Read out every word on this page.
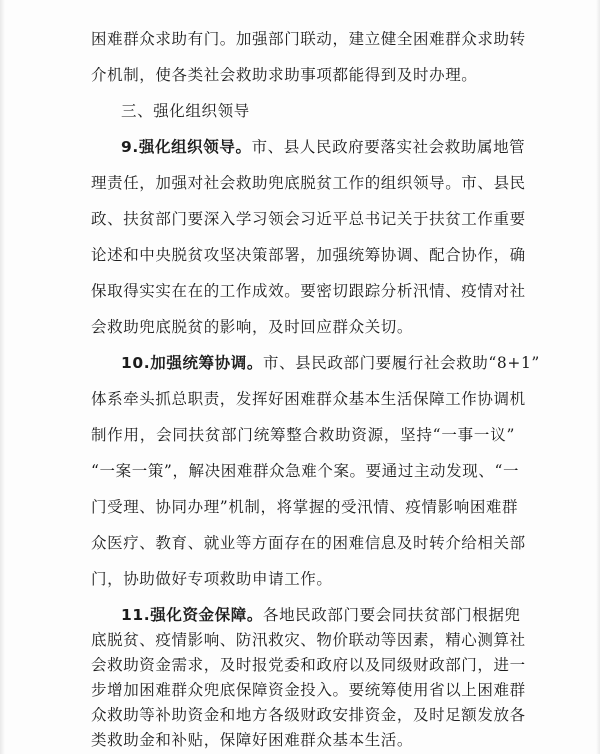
困难群众求助有门。加强部门联动，建立健全困难群众求助转

介机制，使各类社会救助求助事项都能得到及时办理。

三、强化组织领导

9.强化组织领导。市、县人民政府要落实社会救助属地管

理责任，加强对社会救助兜底脱贫工作的组织领导。市、县民

政、扶贫部门要深入学习领会习近平总书记关于扶贫工作重要

论述和中央脱贫攻坚决策部署，加强统筹协调、配合协作，确

保取得实实在在的工作成效。要密切跟踪分析汛情、疫情对社

会救助兜底脱贫的影响，及时回应群众关切。

10.加强统筹协调。市、县民政部门要履行社会救助“8+1”

体系牵头抓总职责，发挥好困难群众基本生活保障工作协调机

制作用，会同扶贫部门统筹整合救助资源，坚持“一事一议”

“一案一策”，解决困难群众急难个案。要通过主动发现、“一

门受理、协同办理”机制，将掌握的受汛情、疫情影响困难群

众医疗、教育、就业等方面存在的困难信息及时转介给相关部

门，协助做好专项救助申请工作。

11.强化资金保障。各地民政部门要会同扶贫部门根据兜

底脱贫、疫情影响、防汛救灾、物价联动等因素，精心测算社

会救助资金需求，及时报党委和政府以及同级财政部门，进一

步增加困难群众兜底保障资金投入。要统筹使用省以上困难群

众救助等补助资金和地方各级财政安排资金，及时足额发放各

类救助金和补贴，保障好困难群众基本生活。
